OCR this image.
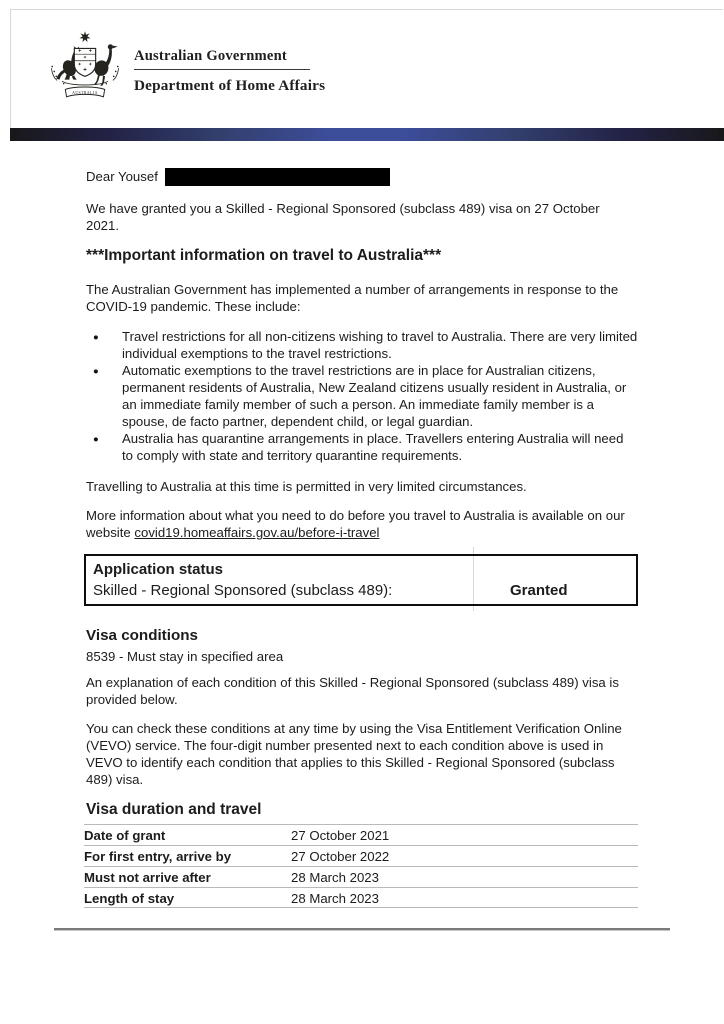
AUSTRALIA
Australian Government
Department of Home Affairs
Dear Yousef
We have granted you a Skilled - Regional Sponsored (subclass 489) visa on 27 October 2021.
***Important information on travel to Australia***
The Australian Government has implemented a number of arrangements in response to the COVID-19 pandemic. These include:
● Travel restrictions for all non-citizens wishing to travel to Australia. There are very limited individual exemptions to the travel restrictions.
● Automatic exemptions to the travel restrictions are in place for Australian citizens, permanent residents of Australia, New Zealand citizens usually resident in Australia, or an immediate family member of such a person. An immediate family member is a spouse, de facto partner, dependent child, or legal guardian.
● Australia has quarantine arrangements in place. Travellers entering Australia will need to comply with state and territory quarantine requirements.
Travelling to Australia at this time is permitted in very limited circumstances.
More information about what you need to do before you travel to Australia is available on our website covid19.homeaffairs.gov.au/before-i-travel
Application status
Skilled - Regional Sponsored (subclass 489):	Granted
Visa conditions
8539 - Must stay in specified area
An explanation of each condition of this Skilled - Regional Sponsored (subclass 489) visa is provided below.
You can check these conditions at any time by using the Visa Entitlement Verification Online (VEVO) service. The four-digit number presented next to each condition above is used in VEVO to identify each condition that applies to this Skilled - Regional Sponsored (subclass 489) visa.
Visa duration and travel
Date of grant	27 October 2021
For first entry, arrive by	27 October 2022
Must not arrive after	28 March 2023
Length of stay	28 March 2023
